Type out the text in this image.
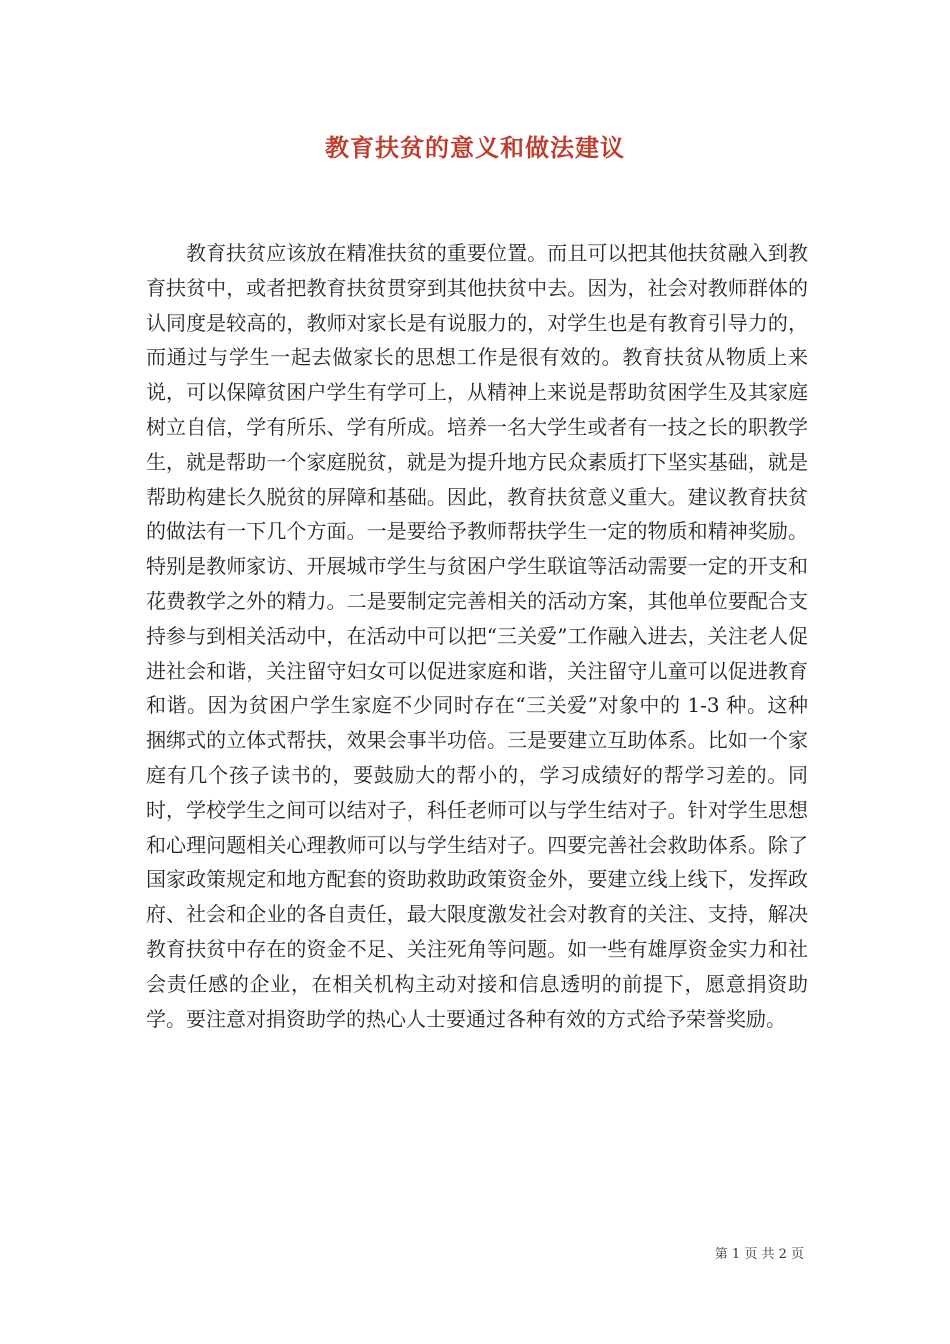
教育扶贫的意义和做法建议

教育扶贫应该放在精准扶贫的重要位置。而且可以把其他扶贫融入到教育扶贫中，或者把教育扶贫贯穿到其他扶贫中去。因为，社会对教师群体的认同度是较高的，教师对家长是有说服力的，对学生也是有教育引导力的，而通过与学生一起去做家长的思想工作是很有效的。教育扶贫从物质上来说，可以保障贫困户学生有学可上，从精神上来说是帮助贫困学生及其家庭树立自信，学有所乐、学有所成。培养一名大学生或者有一技之长的职教学生，就是帮助一个家庭脱贫，就是为提升地方民众素质打下坚实基础，就是帮助构建长久脱贫的屏障和基础。因此，教育扶贫意义重大。建议教育扶贫的做法有一下几个方面。一是要给予教师帮扶学生一定的物质和精神奖励。特别是教师家访、开展城市学生与贫困户学生联谊等活动需要一定的开支和花费教学之外的精力。二是要制定完善相关的活动方案，其他单位要配合支持参与到相关活动中，在活动中可以把“三关爱”工作融入进去，关注老人促进社会和谐，关注留守妇女可以促进家庭和谐，关注留守儿童可以促进教育和谐。因为贫困户学生家庭不少同时存在“三关爱”对象中的 1-3 种。这种捆绑式的立体式帮扶，效果会事半功倍。三是要建立互助体系。比如一个家庭有几个孩子读书的，要鼓励大的帮小的，学习成绩好的帮学习差的。同时，学校学生之间可以结对子，科任老师可以与学生结对子。针对学生思想和心理问题相关心理教师可以与学生结对子。四要完善社会救助体系。除了国家政策规定和地方配套的资助救助政策资金外，要建立线上线下，发挥政府、社会和企业的各自责任，最大限度激发社会对教育的关注、支持，解决教育扶贫中存在的资金不足、关注死角等问题。如一些有雄厚资金实力和社会责任感的企业，在相关机构主动对接和信息透明的前提下，愿意捐资助学。要注意对捐资助学的热心人士要通过各种有效的方式给予荣誉奖励。

第 1 页 共 2 页
